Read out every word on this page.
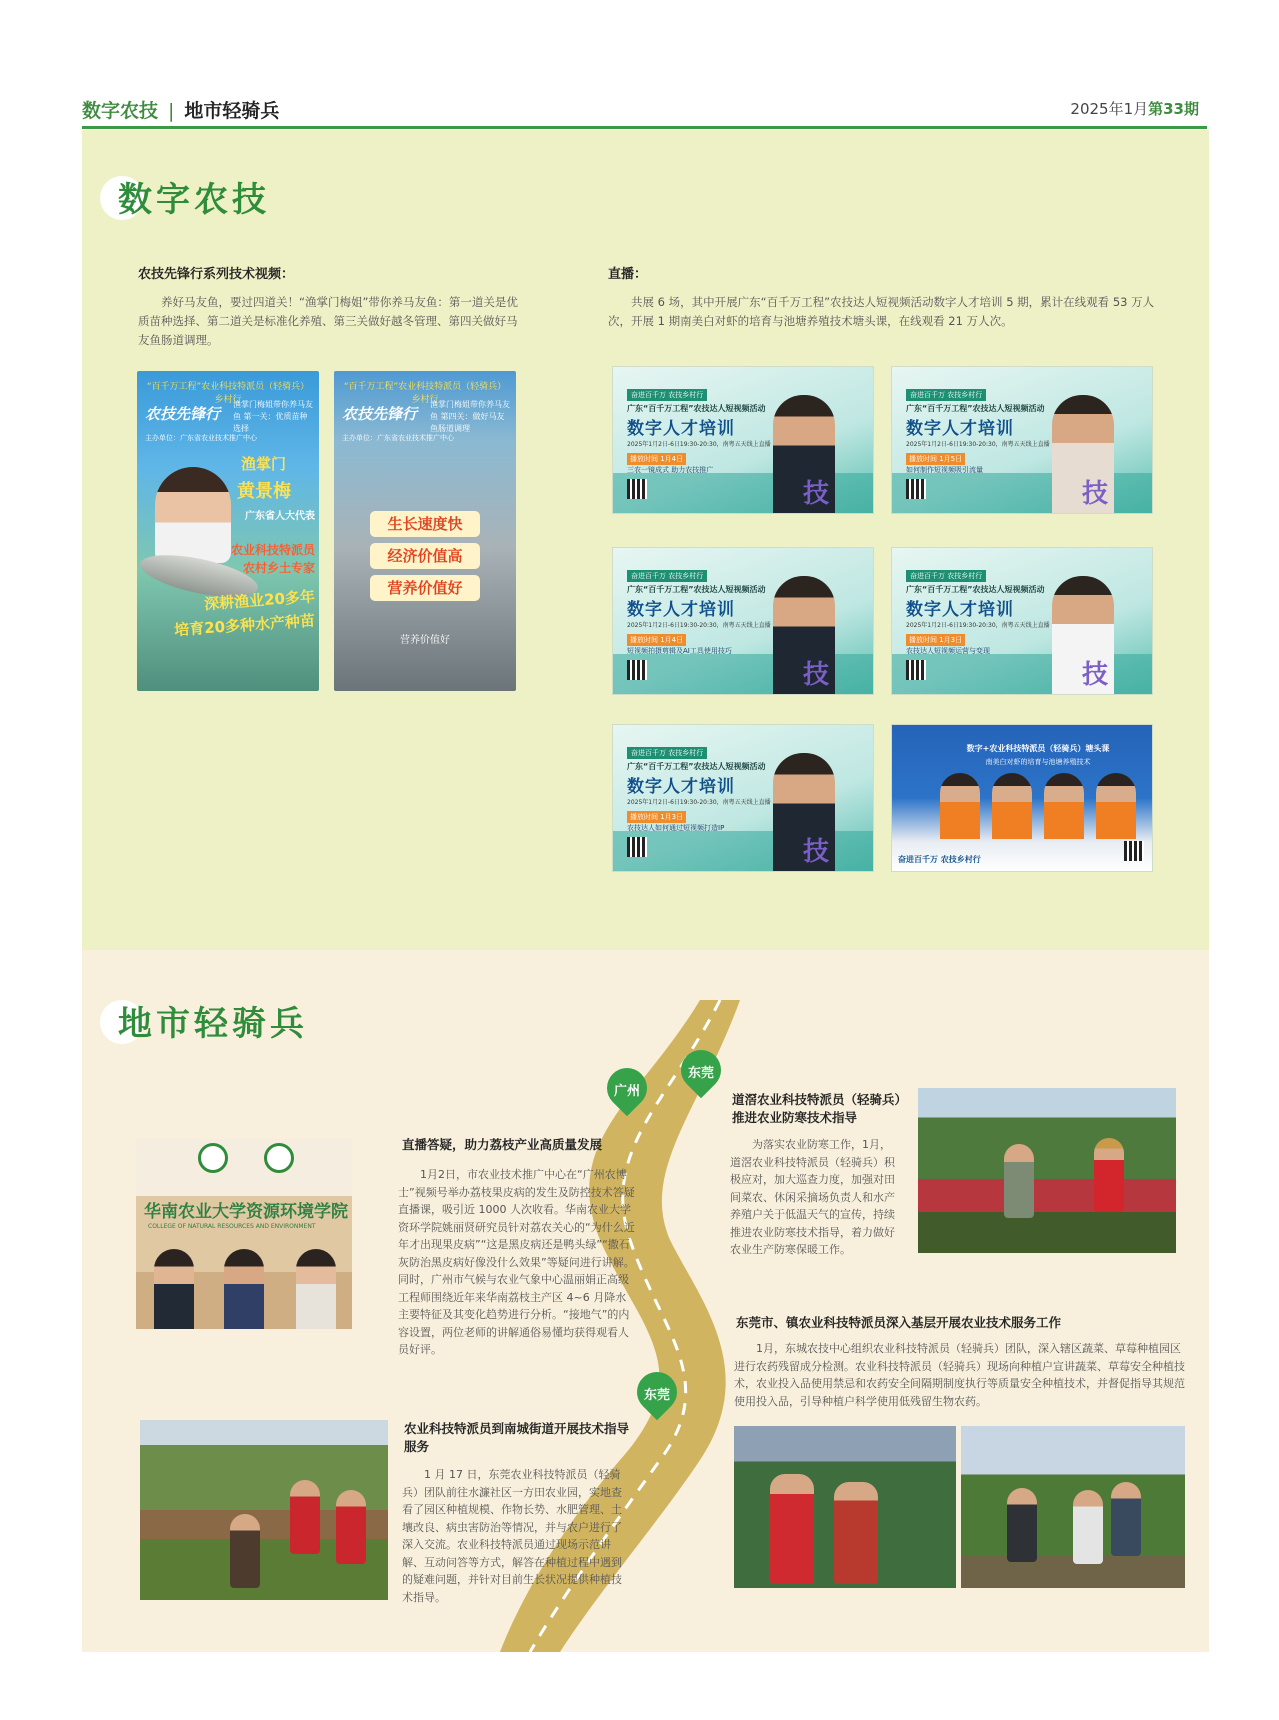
数字农技 | 地市轻骑兵	2025年1月第33期
数字农技
农技先锋行系列技术视频：
养好马友鱼，要过四道关！“渔掌门梅姐”带你养马友鱼：第一道关是优质苗种选择、第二道关是标准化养殖、第三关做好越冬管理、第四关做好马友鱼肠道调理。
直播：
共展 6 场，其中开展广东“百千万工程”农技达人短视频活动数字人才培训 5 期，累计在线观看 53 万人次，开展 1 期南美白对虾的培育与池塘养殖技术塘头课，在线观看 21 万人次。
“百千万工程”农业科技特派员（轻骑兵）乡村行
农技先锋行
渔掌门梅姐带你养马友鱼 第一关：优质苗种选择
主办单位：广东省农业技术推广中心
渔掌门
黄景梅
广东省人大代表
农业科技特派员
农村乡土专家
深耕渔业20多年
培育20多种水产种苗
“百千万工程”农业科技特派员（轻骑兵）乡村行
农技先锋行
渔掌门梅姐带你养马友鱼 第四关：做好马友鱼肠道调理
主办单位：广东省农业技术推广中心
生长速度快
经济价值高
营养价值好
营养价值好
奋进百千万 农技乡村行
广东“百千万工程”农技达人短视频活动
数字人才培训
2025年1月2日-6日19:30-20:30，南粤五天线上直播
播放时间 1月4日
三农一镜成式 助力农技推广
技
奋进百千万 农技乡村行
广东“百千万工程”农技达人短视频活动
数字人才培训
2025年1月2日-6日19:30-20:30，南粤五天线上直播
播放时间 1月5日
如何制作短视频吸引流量
技
奋进百千万 农技乡村行
广东“百千万工程”农技达人短视频活动
数字人才培训
2025年1月2日-6日19:30-20:30，南粤五天线上直播
播放时间 1月4日
短视频拍摄剪辑及AI工具使用技巧
技
奋进百千万 农技乡村行
广东“百千万工程”农技达人短视频活动
数字人才培训
2025年1月2日-6日19:30-20:30，南粤五天线上直播
播放时间 1月3日
农技达人短视频运营与变现
技
奋进百千万 农技乡村行
广东“百千万工程”农技达人短视频活动
数字人才培训
2025年1月2日-6日19:30-20:30，南粤五天线上直播
播放时间 1月3日
农技达人如何通过短视频打造IP
技
数字+农业科技特派员（轻骑兵）塘头课
南美白对虾的培育与池塘养殖技术
奋进百千万 农技乡村行
地市轻骑兵
广州
东莞
东莞
华南农业大学资源环境学院
COLLEGE OF NATURAL RESOURCES AND ENVIRONMENT
直播答疑，助力荔枝产业高质量发展
1月2日，市农业技术推广中心在“广州农博士”视频号举办荔枝果皮病的发生及防控技术答疑直播课，吸引近 1000 人次收看。华南农业大学资环学院姚丽贤研究员针对荔农关心的“为什么近年才出现果皮病”“这是黑皮病还是鸭头绿”“撒石灰防治黑皮病好像没什么效果”等疑问进行讲解。同时，广州市气候与农业气象中心温丽娟正高级工程师围绕近年来华南荔枝主产区 4~6 月降水主要特征及其变化趋势进行分析。“接地气”的内容设置，两位老师的讲解通俗易懂均获得观看人员好评。
道滘农业科技特派员（轻骑兵）推进农业防寒技术指导
为落实农业防寒工作，1月，道滘农业科技特派员（轻骑兵）积极应对，加大巡查力度，加强对田间菜农、休闲采摘场负责人和水产养殖户关于低温天气的宣传，持续推进农业防寒技术指导，着力做好农业生产防寒保暖工作。
东莞市、镇农业科技特派员深入基层开展农业技术服务工作
1月，东城农技中心组织农业科技特派员（轻骑兵）团队，深入辖区蔬菜、草莓种植园区进行农药残留成分检测。农业科技特派员（轻骑兵）现场向种植户宣讲蔬菜、草莓安全种植技术，农业投入品使用禁忌和农药安全间隔期制度执行等质量安全种植技术，并督促指导其规范使用投入品，引导种植户科学使用低残留生物农药。
农业科技特派员到南城街道开展技术指导服务
1 月 17 日，东莞农业科技特派员（轻骑兵）团队前往水濂社区一方田农业园，实地查看了园区种植规模、作物长势、水肥管理、土壤改良、病虫害防治等情况，并与农户进行了深入交流。农业科技特派员通过现场示范讲解、互动问答等方式，解答在种植过程中遇到的疑难问题，并针对目前生长状况提供种植技术指导。
